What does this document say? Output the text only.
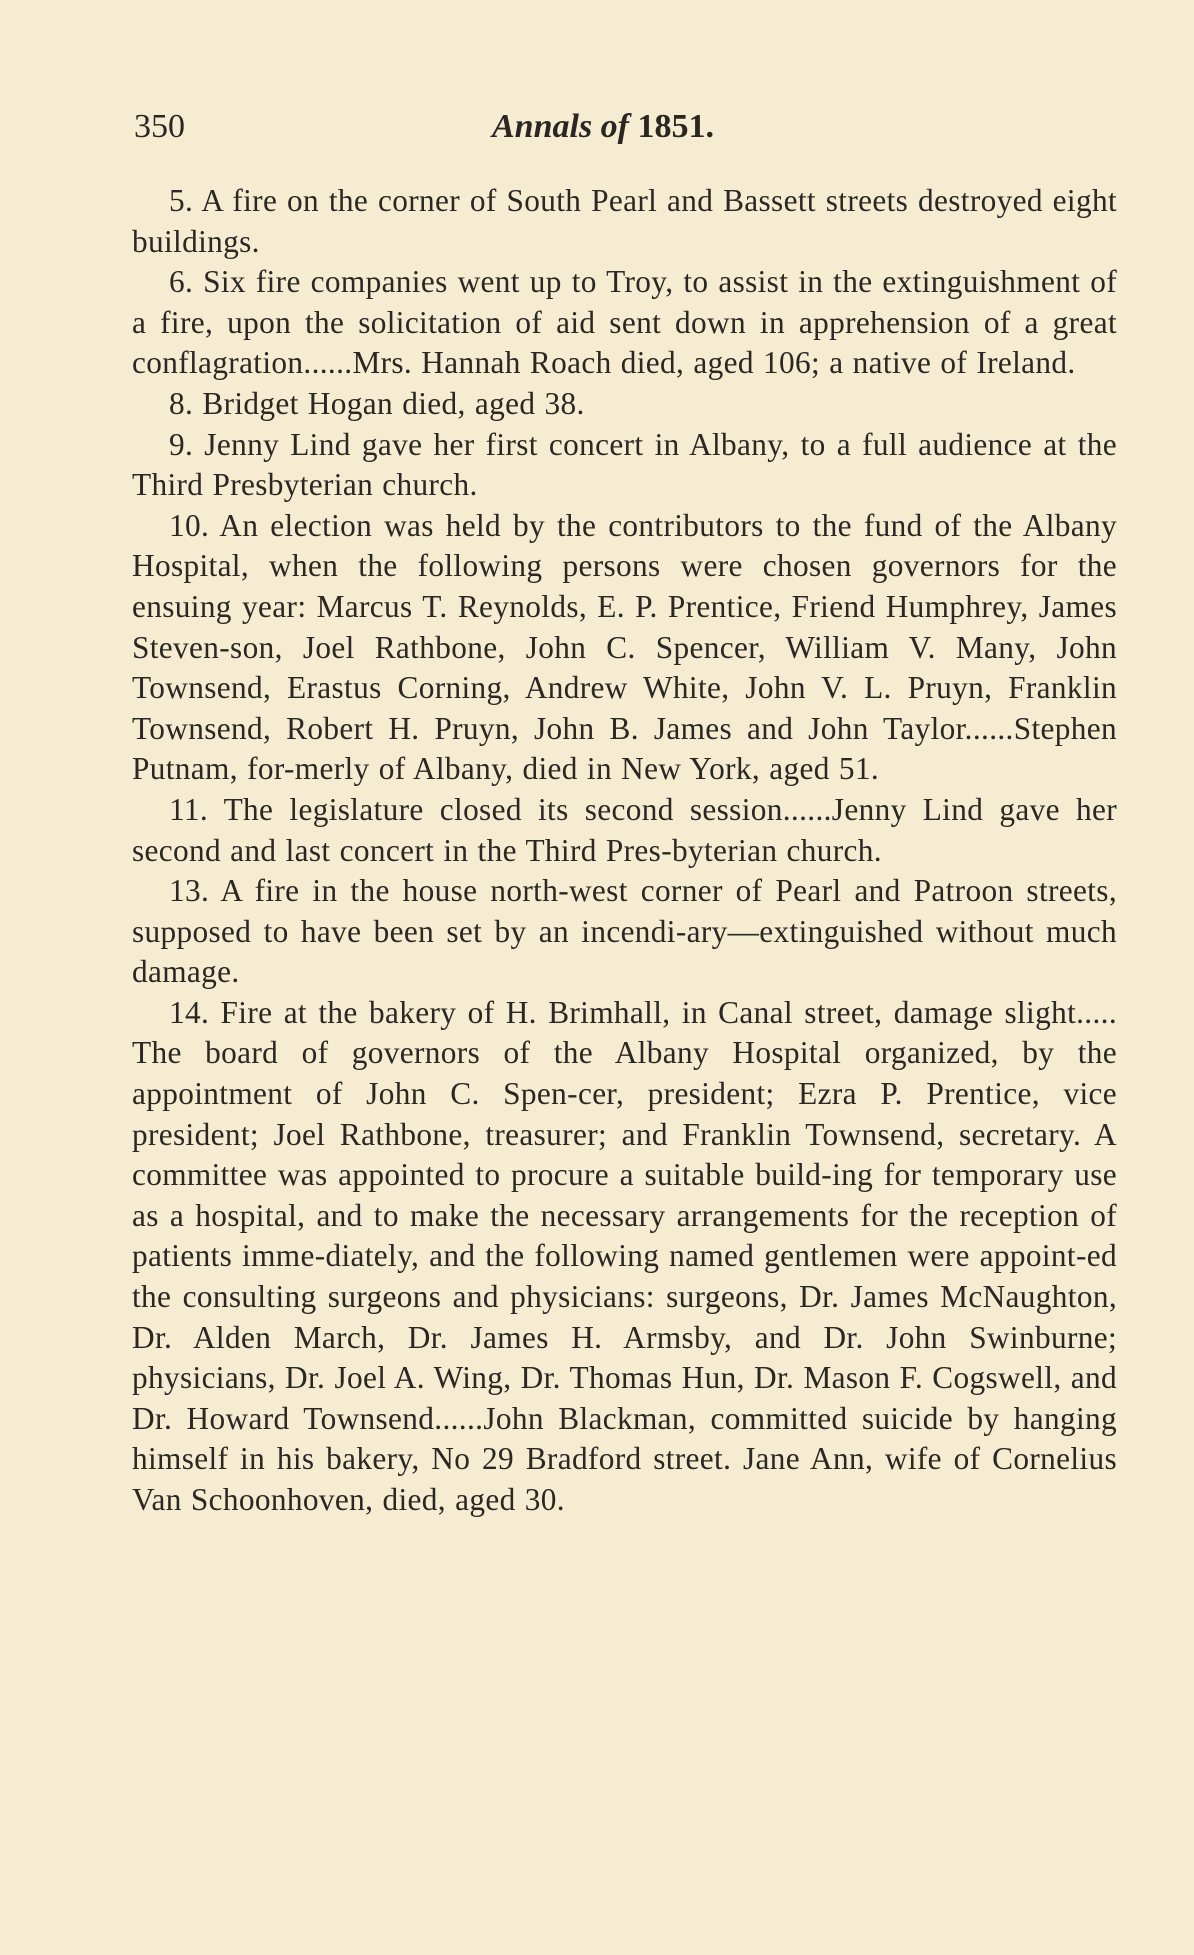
350	Annals of 1851.

5. A fire on the corner of South Pearl and Bassett streets destroyed eight buildings.

6. Six fire companies went up to Troy, to assist in the extinguishment of a fire, upon the solicitation of aid sent down in apprehension of a great conflagration......Mrs. Hannah Roach died, aged 106; a native of Ireland.

8. Bridget Hogan died, aged 38.

9. Jenny Lind gave her first concert in Albany, to a full audience at the Third Presbyterian church.

10. An election was held by the contributors to the fund of the Albany Hospital, when the following persons were chosen governors for the ensuing year: Marcus T. Reynolds, E. P. Prentice, Friend Humphrey, James Steven-son, Joel Rathbone, John C. Spencer, William V. Many, John Townsend, Erastus Corning, Andrew White, John V. L. Pruyn, Franklin Townsend, Robert H. Pruyn, John B. James and John Taylor......Stephen Putnam, for-merly of Albany, died in New York, aged 51.

11. The legislature closed its second session......Jenny Lind gave her second and last concert in the Third Pres-byterian church.

13. A fire in the house north-west corner of Pearl and Patroon streets, supposed to have been set by an incendi-ary—extinguished without much damage.

14. Fire at the bakery of H. Brimhall, in Canal street, damage slight..... The board of governors of the Albany Hospital organized, by the appointment of John C. Spen-cer, president; Ezra P. Prentice, vice president; Joel Rathbone, treasurer; and Franklin Townsend, secretary. A committee was appointed to procure a suitable build-ing for temporary use as a hospital, and to make the necessary arrangements for the reception of patients imme-diately, and the following named gentlemen were appoint-ed the consulting surgeons and physicians: surgeons, Dr. James McNaughton, Dr. Alden March, Dr. James H. Armsby, and Dr. John Swinburne; physicians, Dr. Joel A. Wing, Dr. Thomas Hun, Dr. Mason F. Cogswell, and Dr. Howard Townsend......John Blackman, committed suicide by hanging himself in his bakery, No 29 Bradford street. Jane Ann, wife of Cornelius Van Schoonhoven, died, aged 30.
